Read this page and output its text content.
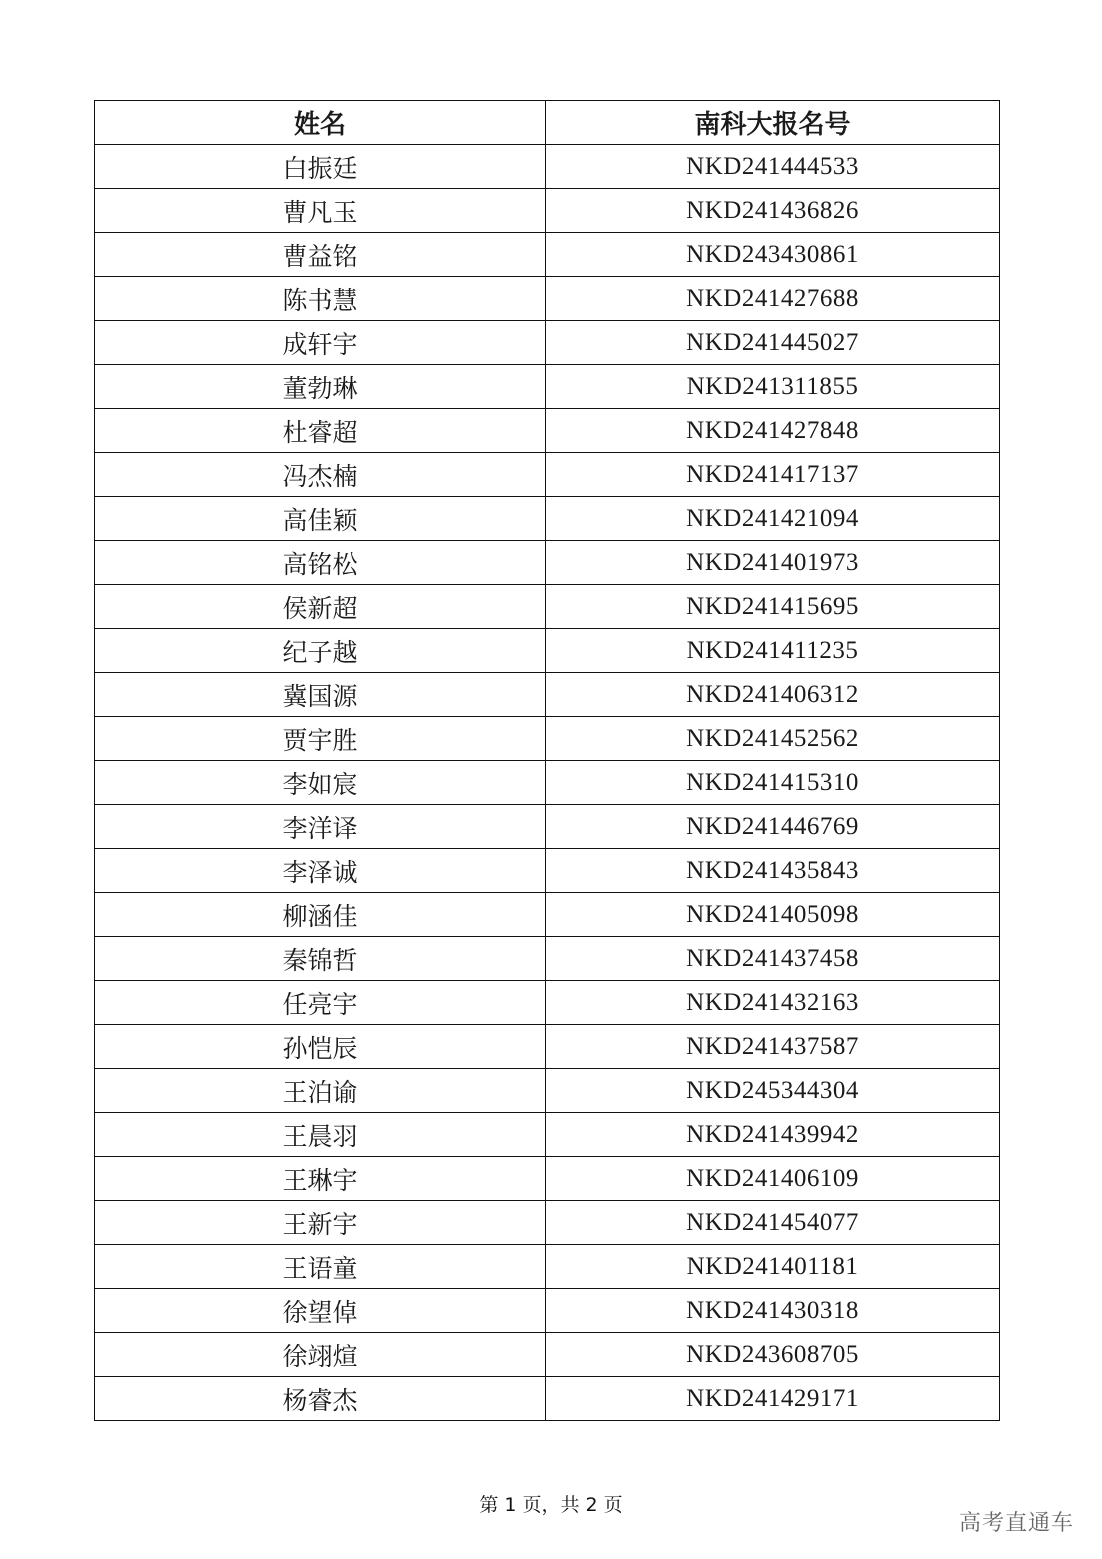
姓名	南科大报名号
白振廷	NKD241444533
曹凡玉	NKD241436826
曹益铭	NKD243430861
陈书慧	NKD241427688
成轩宇	NKD241445027
董勃琳	NKD241311855
杜睿超	NKD241427848
冯杰楠	NKD241417137
高佳颖	NKD241421094
高铭松	NKD241401973
侯新超	NKD241415695
纪子越	NKD241411235
冀国源	NKD241406312
贾宇胜	NKD241452562
李如宸	NKD241415310
李洋译	NKD241446769
李泽诚	NKD241435843
柳涵佳	NKD241405098
秦锦哲	NKD241437458
任亮宇	NKD241432163
孙恺辰	NKD241437587
王泊谕	NKD245344304
王晨羽	NKD241439942
王琳宇	NKD241406109
王新宇	NKD241454077
王语童	NKD241401181
徐望倬	NKD241430318
徐翊煊	NKD243608705
杨睿杰	NKD241429171
第 1 页，共 2 页
高考直通车
